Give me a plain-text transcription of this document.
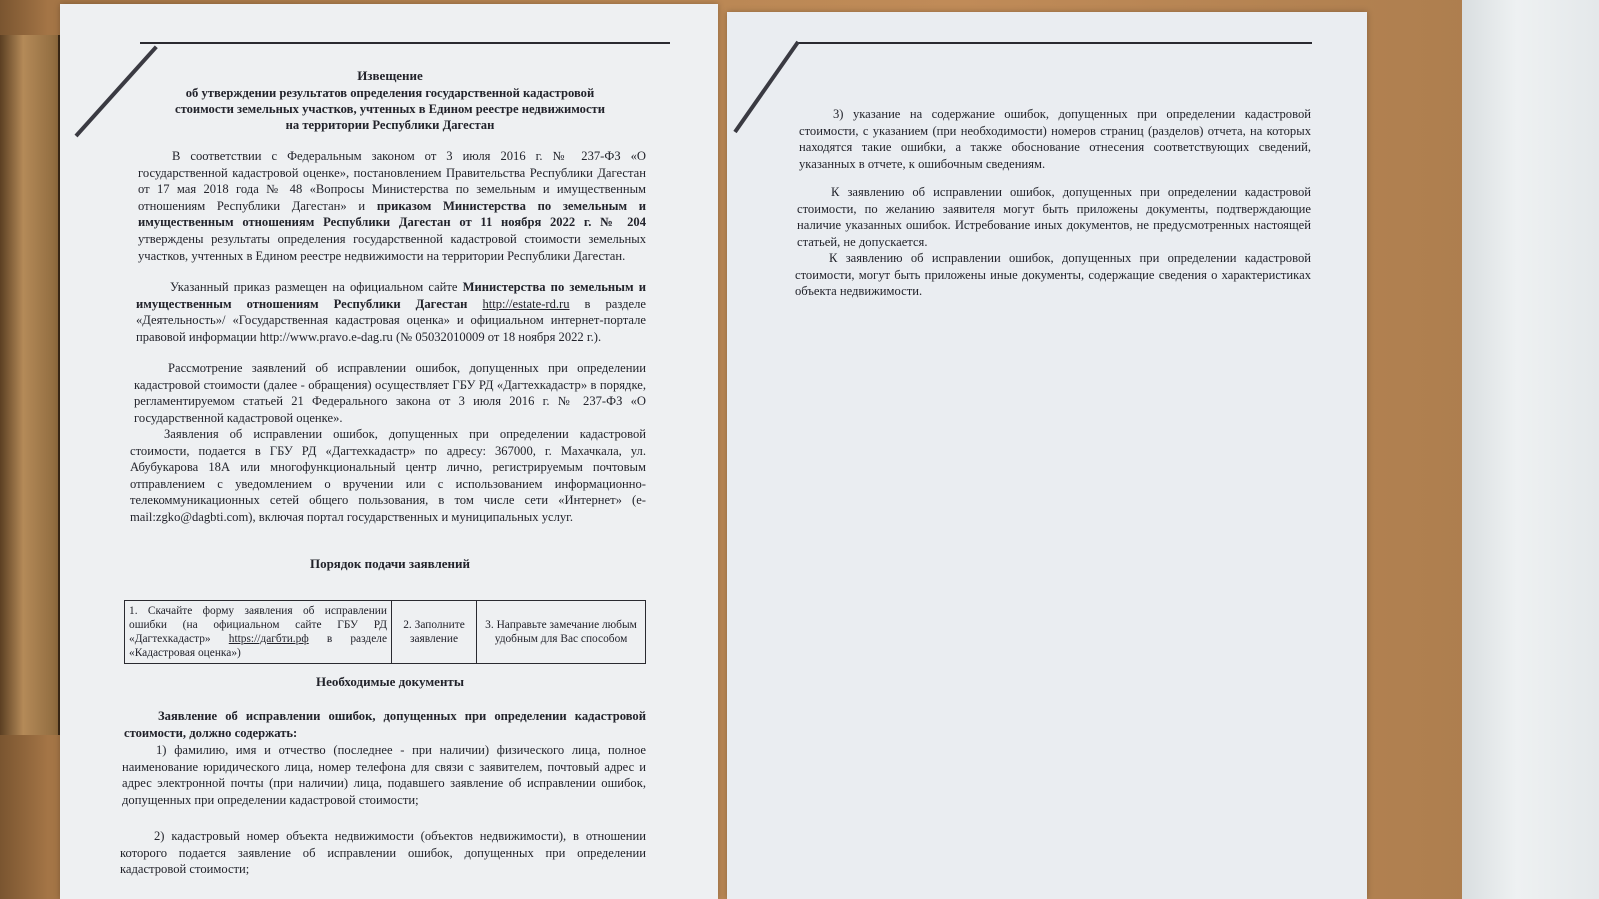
Извещение
об утверждении результатов определения государственной кадастровой
стоимости земельных участков, учтенных в Едином реестре недвижимости
на территории Республики Дагестан
В соответствии с Федеральным законом от 3 июля 2016 г. № 237-ФЗ «О государственной кадастровой оценке», постановлением Правительства Республики Дагестан от 17 мая 2018 года № 48 «Вопросы Министерства по земельным и имущественным отношениям Республики Дагестан» и приказом Министерства по земельным и имущественным отношениям Республики Дагестан от 11 ноября 2022 г. № 204 утверждены результаты определения государственной кадастровой стоимости земельных участков, учтенных в Едином реестре недвижимости на территории Республики Дагестан.
Указанный приказ размещен на официальном сайте Министерства по земельным и имущественным отношениям Республики Дагестан http://estate-rd.ru в разделе «Деятельность»/ «Государственная кадастровая оценка» и официальном интернет-портале правовой информации http://www.pravo.e-dag.ru (№ 05032010009 от 18 ноября 2022 г.).
Рассмотрение заявлений об исправлении ошибок, допущенных при определении кадастровой стоимости (далее - обращения) осуществляет ГБУ РД «Дагтехкадастр» в порядке, регламентируемом статьей 21 Федерального закона от 3 июля 2016 г. № 237-ФЗ «О государственной кадастровой оценке».
Заявления об исправлении ошибок, допущенных при определении кадастровой стоимости, подается в ГБУ РД «Дагтехкадастр» по адресу: 367000, г. Махачкала, ул. Абубукарова 18А или многофункциональный центр лично, регистрируемым почтовым отправлением с уведомлением о вручении или с использованием информационно-телекоммуникационных сетей общего пользования, в том числе сети «Интернет» (e-mail:zgko@dagbti.com), включая портал государственных и муниципальных услуг.
Порядок подачи заявлений
1. Скачайте форму заявления об исправлении ошибки (на официальном сайте ГБУ РД «Дагтехкадастр» https://дагбти.рф в разделе «Кадастровая оценка»)	2. Заполните заявление	3. Направьте замечание любым удобным для Вас способом
Необходимые документы
Заявление об исправлении ошибок, допущенных при определении кадастровой стоимости, должно содержать:
1) фамилию, имя и отчество (последнее - при наличии) физического лица, полное наименование юридического лица, номер телефона для связи с заявителем, почтовый адрес и адрес электронной почты (при наличии) лица, подавшего заявление об исправлении ошибок, допущенных при определении кадастровой стоимости;
2) кадастровый номер объекта недвижимости (объектов недвижимости), в отношении которого подается заявление об исправлении ошибок, допущенных при определении кадастровой стоимости;
3) указание на содержание ошибок, допущенных при определении кадастровой стоимости, с указанием (при необходимости) номеров страниц (разделов) отчета, на которых находятся такие ошибки, а также обоснование отнесения соответствующих сведений, указанных в отчете, к ошибочным сведениям.
К заявлению об исправлении ошибок, допущенных при определении кадастровой стоимости, по желанию заявителя могут быть приложены документы, подтверждающие наличие указанных ошибок. Истребование иных документов, не предусмотренных настоящей статьей, не допускается.
К заявлению об исправлении ошибок, допущенных при определении кадастровой стоимости, могут быть приложены иные документы, содержащие сведения о характеристиках объекта недвижимости.
